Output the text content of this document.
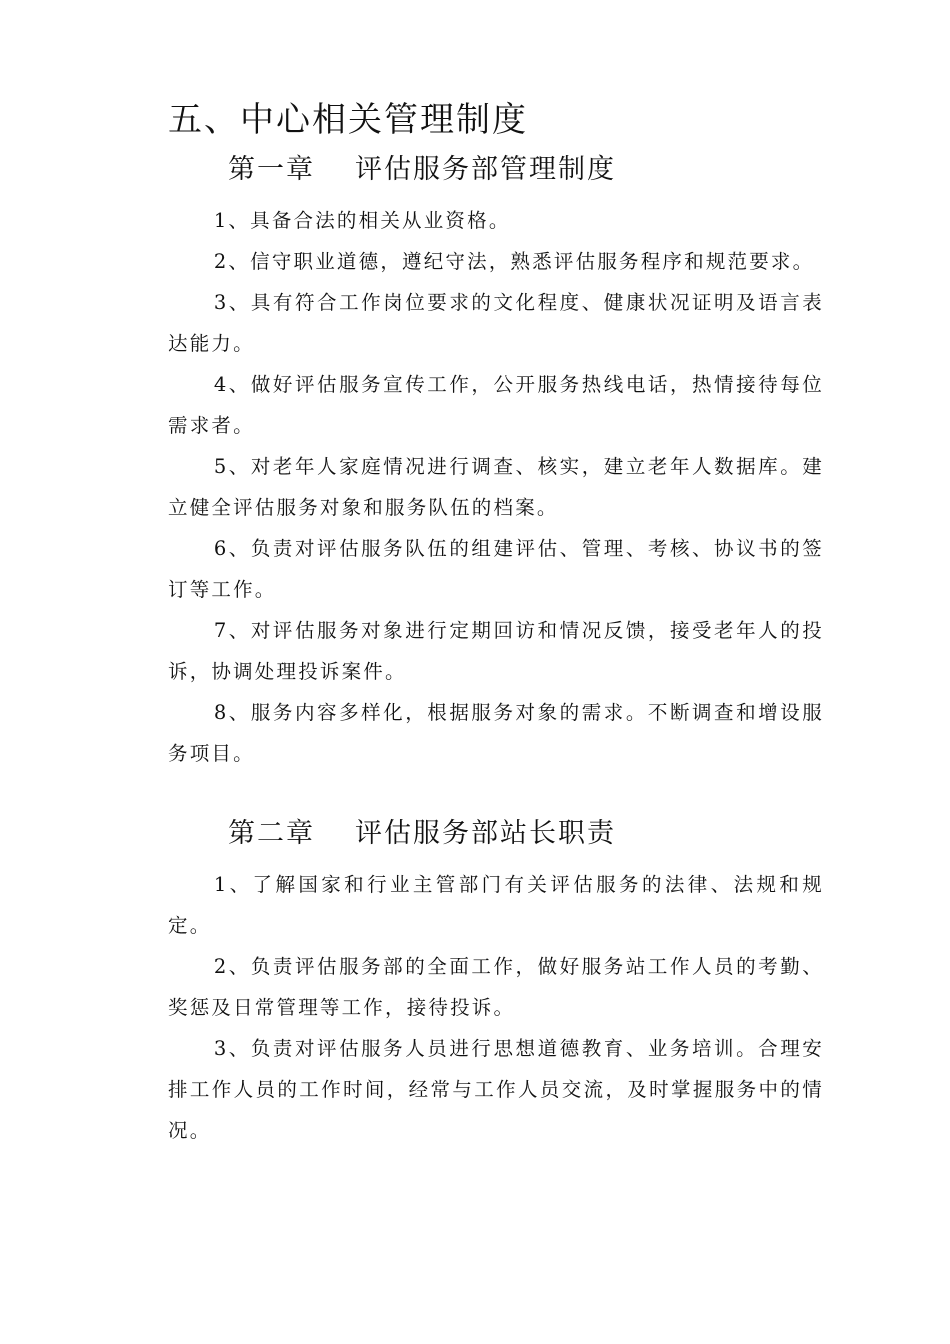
五、中心相关管理制度
第一章 评估服务部管理制度

1、具备合法的相关从业资格。

2、信守职业道德，遵纪守法，熟悉评估服务程序和规范要求。

3、具有符合工作岗位要求的文化程度、健康状况证明及语言表达能力。

4、做好评估服务宣传工作，公开服务热线电话，热情接待每位需求者。

5、对老年人家庭情况进行调查、核实，建立老年人数据库。建立健全评估服务对象和服务队伍的档案。

6、负责对评估服务队伍的组建评估、管理、考核、协议书的签订等工作。

7、对评估服务对象进行定期回访和情况反馈，接受老年人的投诉，协调处理投诉案件。

8、服务内容多样化，根据服务对象的需求。不断调查和增设服务项目。

第二章 评估服务部站长职责

1、了解国家和行业主管部门有关评估服务的法律、法规和规定。

2、负责评估服务部的全面工作，做好服务站工作人员的考勤、奖惩及日常管理等工作，接待投诉。

3、负责对评估服务人员进行思想道德教育、业务培训。合理安排工作人员的工作时间，经常与工作人员交流，及时掌握服务中的情况。
